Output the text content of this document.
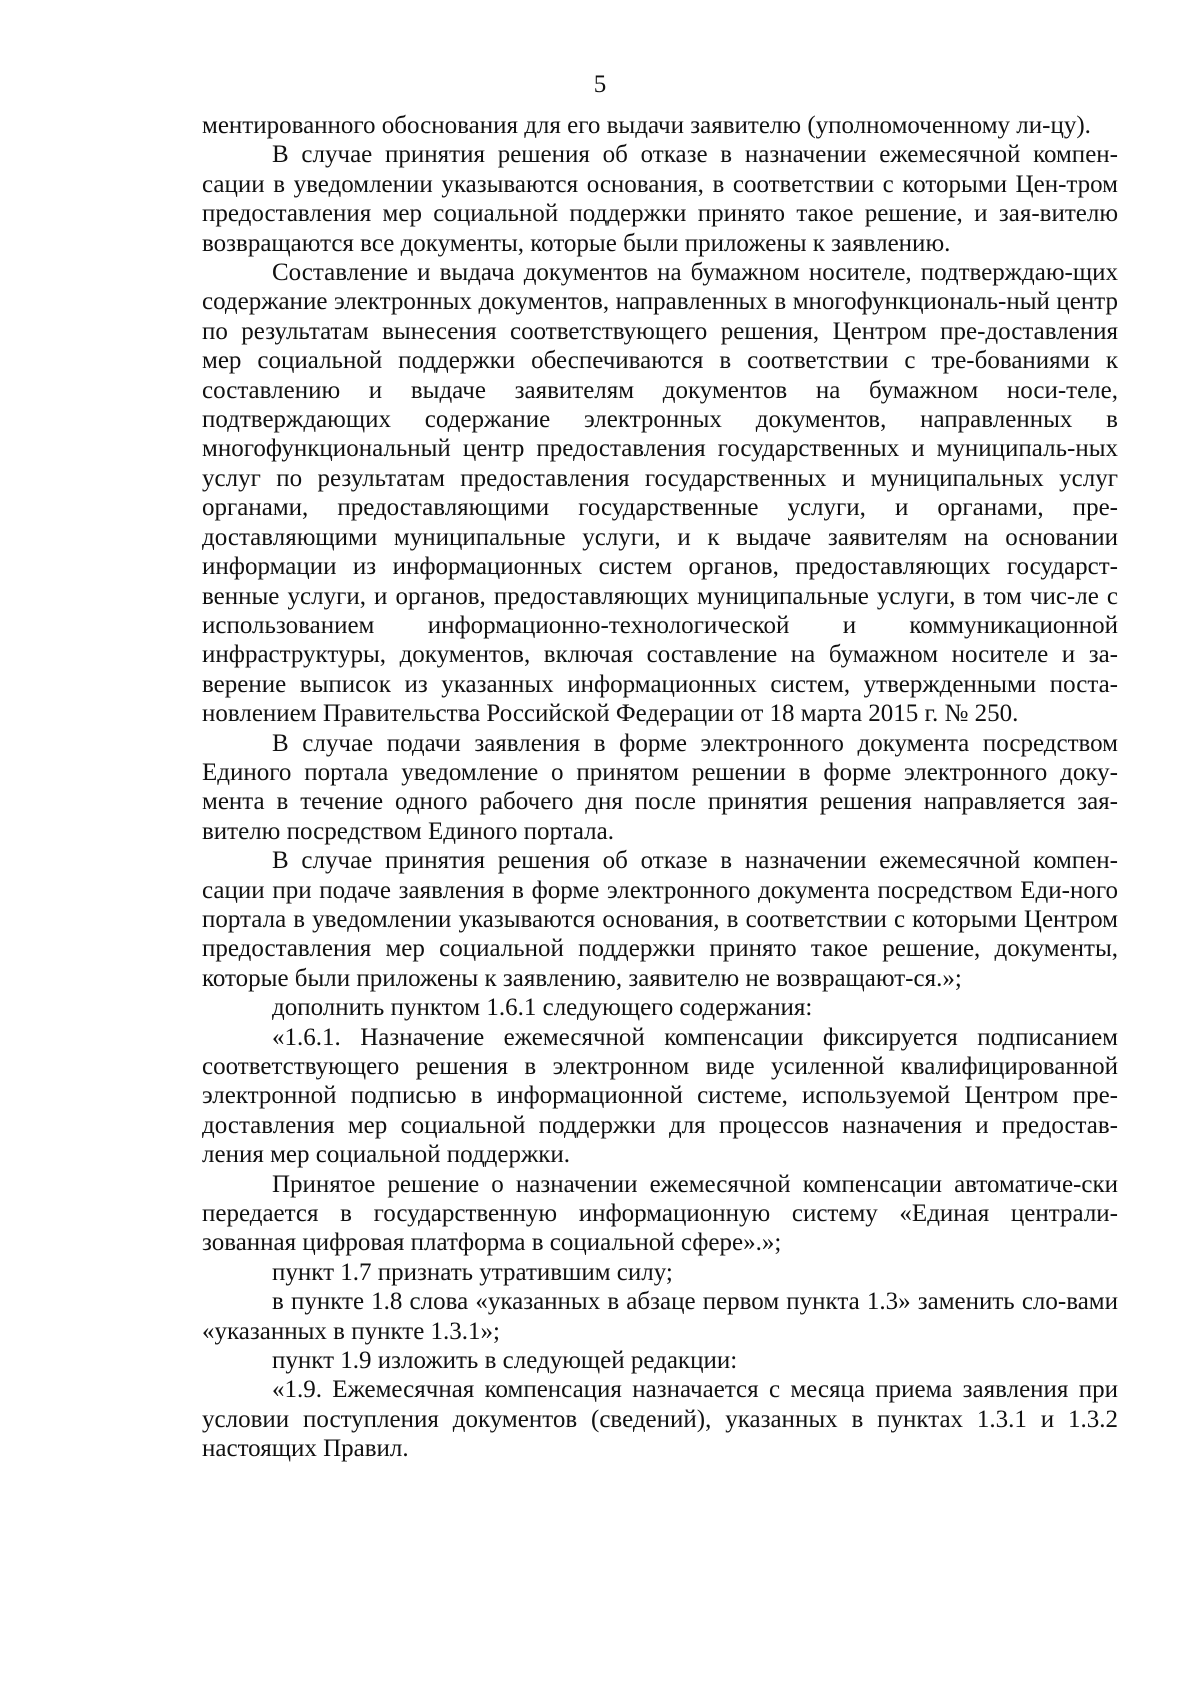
5

ментированного обоснования для его выдачи заявителю (уполномоченному ли-цу).

В случае принятия решения об отказе в назначении ежемесячной компен-сации в уведомлении указываются основания, в соответствии с которыми Цен-тром предоставления мер социальной поддержки принято такое решение, и зая-вителю возвращаются все документы, которые были приложены к заявлению.

Составление и выдача документов на бумажном носителе, подтверждаю-щих содержание электронных документов, направленных в многофункциональ-ный центр по результатам вынесения соответствующего решения, Центром пре-доставления мер социальной поддержки обеспечиваются в соответствии с тре-бованиями к составлению и выдаче заявителям документов на бумажном носи-теле, подтверждающих содержание электронных документов, направленных в многофункциональный центр предоставления государственных и муниципаль-ных услуг по результатам предоставления государственных и муниципальных услуг органами, предоставляющими государственные услуги, и органами, пре-доставляющими муниципальные услуги, и к выдаче заявителям на основании информации из информационных систем органов, предоставляющих государст-венные услуги, и органов, предоставляющих муниципальные услуги, в том чис-ле с использованием информационно-технологической и коммуникационной инфраструктуры, документов, включая составление на бумажном носителе и за-верение выписок из указанных информационных систем, утвержденными поста-новлением Правительства Российской Федерации от 18 марта 2015 г. № 250.

В случае подачи заявления в форме электронного документа посредством Единого портала уведомление о принятом решении в форме электронного доку-мента в течение одного рабочего дня после принятия решения направляется зая-вителю посредством Единого портала.

В случае принятия решения об отказе в назначении ежемесячной компен-сации при подаче заявления в форме электронного документа посредством Еди-ного портала в уведомлении указываются основания, в соответствии с которыми Центром предоставления мер социальной поддержки принято такое решение, документы, которые были приложены к заявлению, заявителю не возвращают-ся.»;

дополнить пунктом 1.6.1 следующего содержания:

«1.6.1. Назначение ежемесячной компенсации фиксируется подписанием соответствующего решения в электронном виде усиленной квалифицированной электронной подписью в информационной системе, используемой Центром пре-доставления мер социальной поддержки для процессов назначения и предостав-ления мер социальной поддержки.

Принятое решение о назначении ежемесячной компенсации автоматиче-ски передается в государственную информационную систему «Единая централи-зованная цифровая платформа в социальной сфере».»;

пункт 1.7 признать утратившим силу;

в пункте 1.8 слова «указанных в абзаце первом пункта 1.3» заменить сло-вами «указанных в пункте 1.3.1»;

пункт 1.9 изложить в следующей редакции:

«1.9. Ежемесячная компенсация назначается с месяца приема заявления при условии поступления документов (сведений), указанных в пунктах 1.3.1 и 1.3.2 настоящих Правил.
